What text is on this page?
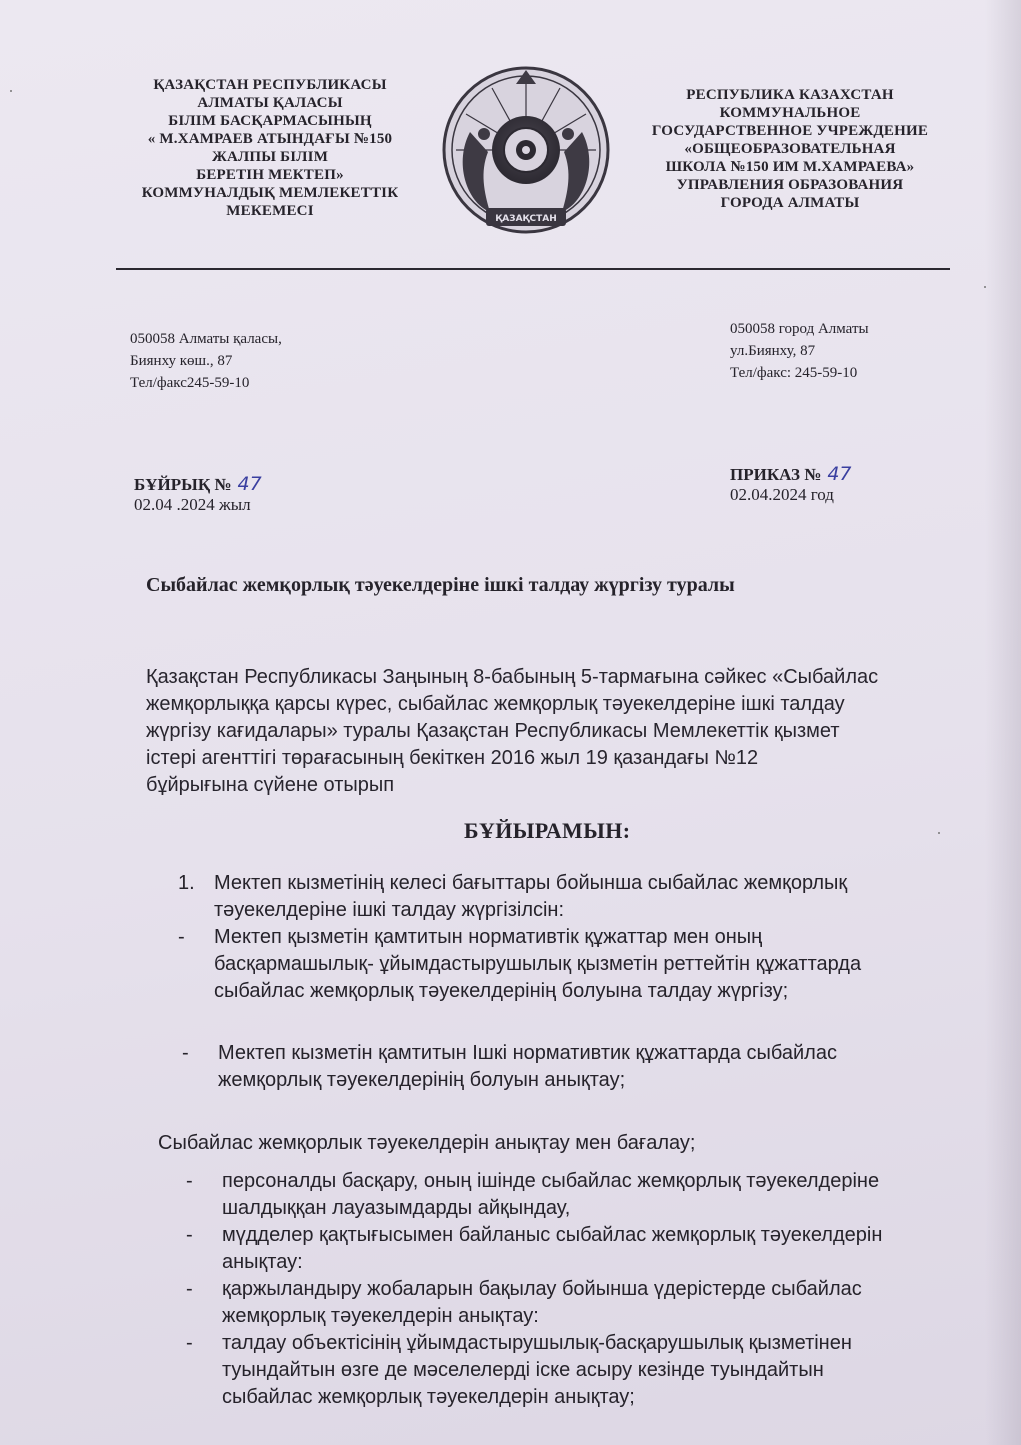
ҚАЗАҚСТАН РЕСПУБЛИКАСЫ
АЛМАТЫ ҚАЛАСЫ
БІЛІМ БАСҚАРМАСЫНЫҢ
« М.ХАМРАЕВ АТЫНДАҒЫ №150
ЖАЛПЫ БІЛІМ
БЕРЕТІН МЕКТЕП»
КОММУНАЛДЫҚ МЕМЛЕКЕТТІК
МЕКЕМЕСІ	ҚАЗАҚСТАН
РЕСПУБЛИКА КАЗАХСТАН
КОММУНАЛЬНОЕ
ГОСУДАРСТВЕННОЕ УЧРЕЖДЕНИЕ
«ОБЩЕОБРАЗОВАТЕЛЬНАЯ
ШКОЛА №150 ИМ М.ХАМРАЕВА»
УПРАВЛЕНИЯ ОБРАЗОВАНИЯ
ГОРОДА АЛМАТЫ
050058 Алматы қаласы,
Биянху көш., 87
Тел/факс245-59-10
050058 город Алматы
ул.Биянху, 87
Тел/факс: 245-59-10
БҰЙРЫҚ № 47
02.04 .2024 жыл
ПРИКАЗ № 47
02.04.2024 год
Сыбайлас жемқорлық тәуекелдеріне ішкі талдау жүргізу туралы
Қазақстан Республикасы Заңының 8-бабының 5-тармағына сәйкес «Сыбайлас
жемқорлыққа қарсы күрес, сыбайлас жемқорлық тәуекелдеріне ішкі талдау
жүргізу кағидалары» туралы Қазақстан Республикасы Мемлекеттік қызмет
істері агенттігі төрағасының бекіткен 2016 жыл 19 қазандағы №12
бұйрығына сүйене отырып
БҰЙЫРАМЫН:
1. Мектеп кызметінің келесі бағыттары бойынша сыбайлас жемқорлық
тәуекелдеріне ішкі талдау жүргізілсін:
- Мектеп қызметін қамтитын нормативтік құжаттар мен оның
басқармашылық- ұйымдастырушылық қызметін реттейтін құжаттарда
сыбайлас жемқорлық тәуекелдерінің болуына талдау жүргізу;
- Мектеп кызметін қамтитын Ішкі нормативтик құжаттарда сыбайлас
жемқорлық тәуекелдерінің болуын анықтау;
Сыбайлас жемқорлык тәуекелдерін анықтау мен бағалау;
- персоналды басқару, оның ішінде сыбайлас жемқорлық тәуекелдеріне
шалдыққан лауазымдарды айқындау,
- мүдделер қақтығысымен байланыс сыбайлас жемқорлық тәуекелдерін
анықтау:
- қаржыландыру жобаларын бақылау бойынша үдерістерде сыбайлас
жемқорлық тәуекелдерін анықтау:
- талдау объектісінің ұйымдастырушылық-басқарушылық қызметінен
туындайтын өзге де мәселелерді іске асыру кезінде туындайтын
сыбайлас жемқорлық тәуекелдерін анықтау;
